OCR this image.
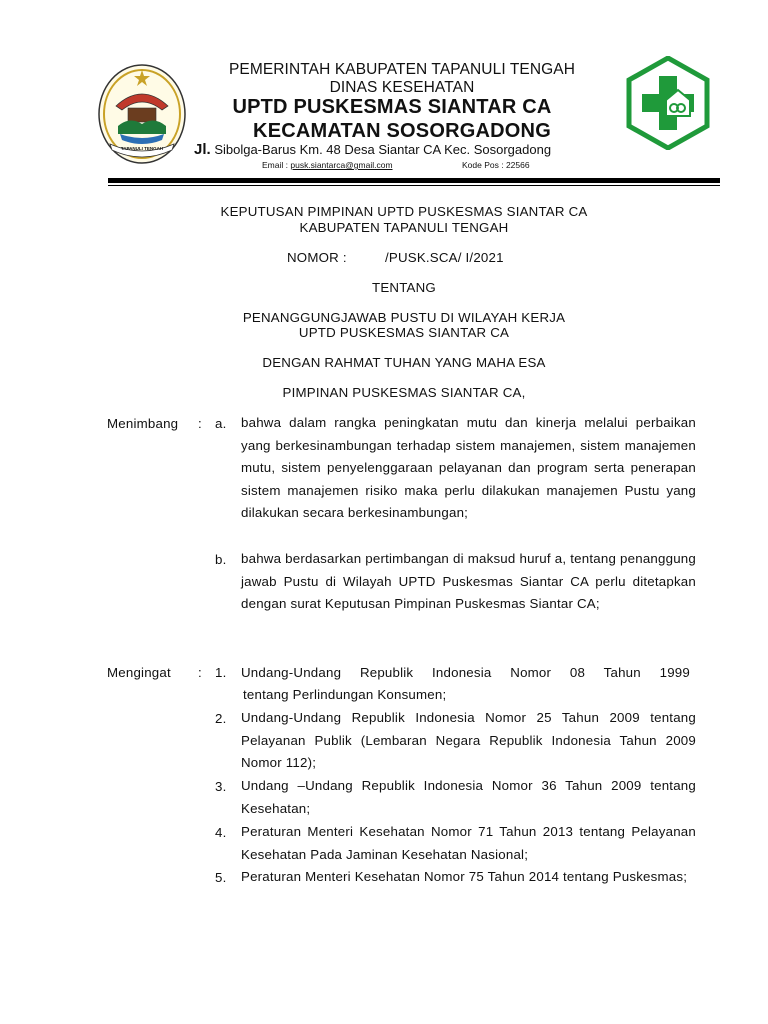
TAPANULI TENGAH
PEMERINTAH KABUPATEN TAPANULI TENGAH
DINAS KESEHATAN
UPTD PUSKESMAS SIANTAR CA
KECAMATAN SOSORGADONG
Jl. Sibolga-Barus Km. 48 Desa Siantar CA Kec. Sosorgadong
Email : pusk.siantarca@gmail.com	Kode Pos : 22566
KEPUTUSAN PIMPINAN UPTD PUSKESMAS SIANTAR CA
KABUPATEN TAPANULI TENGAH
NOMOR :	/PUSK.SCA/ I/2021
TENTANG
PENANGGUNGJAWAB PUSTU DI WILAYAH KERJA
UPTD PUSKESMAS SIANTAR CA
DENGAN RAHMAT TUHAN YANG MAHA ESA
PIMPINAN PUSKESMAS SIANTAR CA,
Menimbang : a. bahwa dalam rangka peningkatan mutu dan kinerja melalui perbaikan yang berkesinambungan terhadap sistem manajemen, sistem manajemen mutu, sistem penyelenggaraan pelayanan dan program serta penerapan sistem manajemen risiko maka perlu dilakukan manajemen Pustu yang dilakukan secara berkesinambungan;
b. bahwa berdasarkan pertimbangan di maksud huruf a, tentang penanggung jawab Pustu di Wilayah UPTD Puskesmas Siantar CA perlu ditetapkan dengan surat Keputusan Pimpinan Puskesmas Siantar CA;
Mengingat : 1. Undang-Undang Republik Indonesia Nomor 08 Tahun 1999
tentang Perlindungan Konsumen;
2. Undang-Undang Republik Indonesia Nomor 25 Tahun 2009 tentang Pelayanan Publik (Lembaran Negara Republik Indonesia Tahun 2009 Nomor 112);
3. Undang –Undang Republik Indonesia Nomor 36 Tahun 2009 tentang Kesehatan;
4. Peraturan Menteri Kesehatan Nomor 71 Tahun 2013 tentang Pelayanan Kesehatan Pada Jaminan Kesehatan Nasional;
5. Peraturan Menteri Kesehatan Nomor 75 Tahun 2014 tentang Puskesmas;
